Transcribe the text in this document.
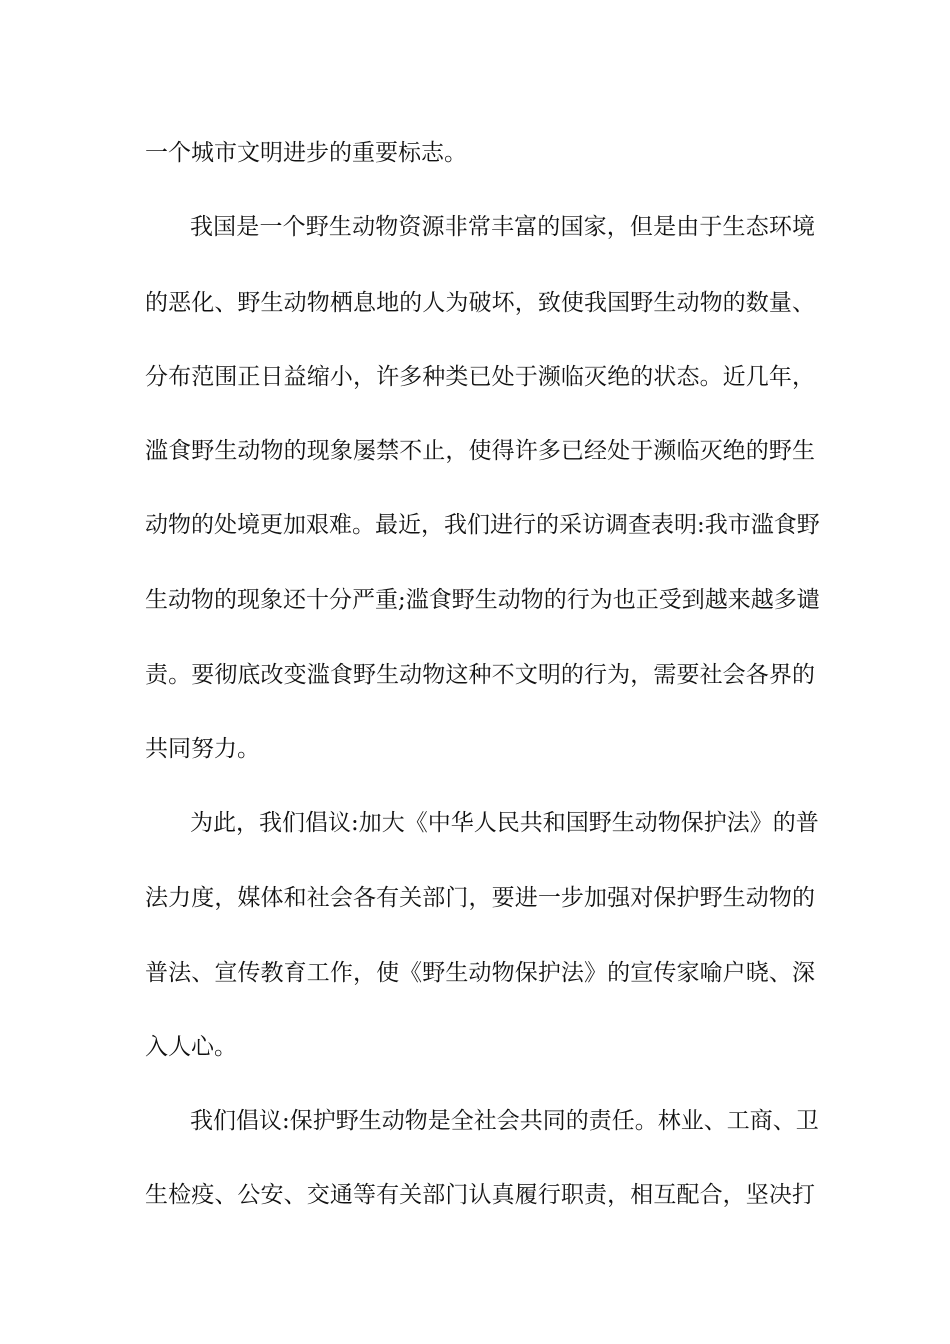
一个城市文明进步的重要标志。
我国是一个野生动物资源非常丰富的国家，但是由于生态环境
的恶化、野生动物栖息地的人为破坏，致使我国野生动物的数量、
分布范围正日益缩小，许多种类已处于濒临灭绝的状态。近几年，
滥食野生动物的现象屡禁不止，使得许多已经处于濒临灭绝的野生
动物的处境更加艰难。最近，我们进行的采访调查表明:我市滥食野
生动物的现象还十分严重;滥食野生动物的行为也正受到越来越多谴
责。要彻底改变滥食野生动物这种不文明的行为，需要社会各界的
共同努力。
为此，我们倡议:加大《中华人民共和国野生动物保护法》的普
法力度，媒体和社会各有关部门，要进一步加强对保护野生动物的
普法、宣传教育工作，使《野生动物保护法》的宣传家喻户晓、深
入人心。
我们倡议:保护野生动物是全社会共同的责任。林业、工商、卫
生检疫、公安、交通等有关部门认真履行职责，相互配合，坚决打
